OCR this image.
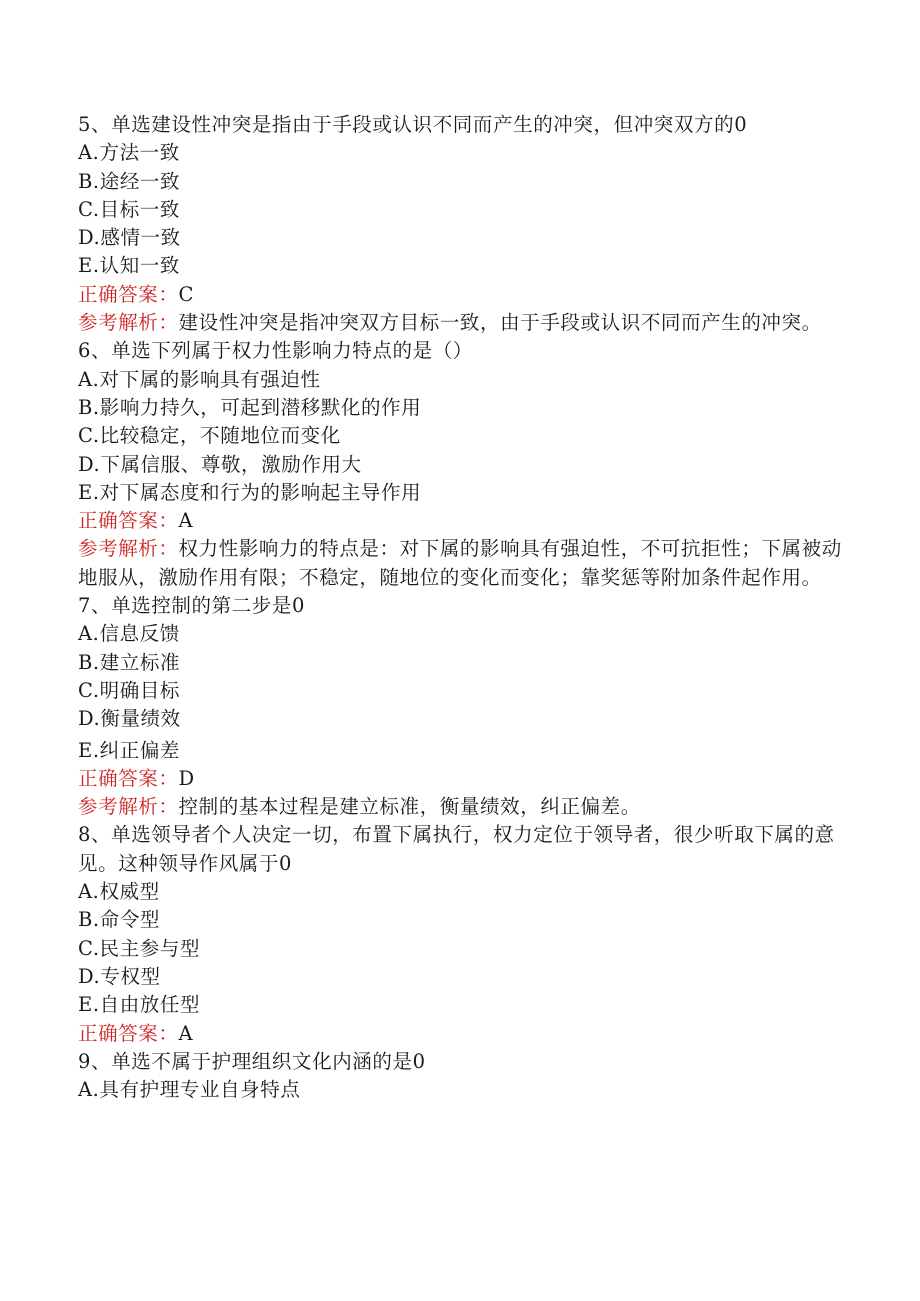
5、单选建设性冲突是指由于手段或认识不同而产生的冲突，但冲突双方的0
A.方法一致
B.途经一致
C.目标一致
D.感情一致
E.认知一致
正确答案：C
参考解析：建设性冲突是指冲突双方目标一致，由于手段或认识不同而产生的冲突。
6、单选下列属于权力性影响力特点的是（）
A.对下属的影响具有强迫性
B.影响力持久，可起到潜移默化的作用
C.比较稳定，不随地位而变化
D.下属信服、尊敬，激励作用大
E.对下属态度和行为的影响起主导作用
正确答案：A
参考解析：权力性影响力的特点是：对下属的影响具有强迫性，不可抗拒性；下属被动地服从，激励作用有限；不稳定，随地位的变化而变化；靠奖惩等附加条件起作用。
7、单选控制的第二步是0
A.信息反馈
B.建立标准
C.明确目标
D.衡量绩效
E.纠正偏差
正确答案：D
参考解析：控制的基本过程是建立标准，衡量绩效，纠正偏差。
8、单选领导者个人决定一切，布置下属执行，权力定位于领导者，很少听取下属的意见。这种领导作风属于0
A.权威型
B.命令型
C.民主参与型
D.专权型
E.自由放任型
正确答案：A
9、单选不属于护理组织文化内涵的是0
A.具有护理专业自身特点
